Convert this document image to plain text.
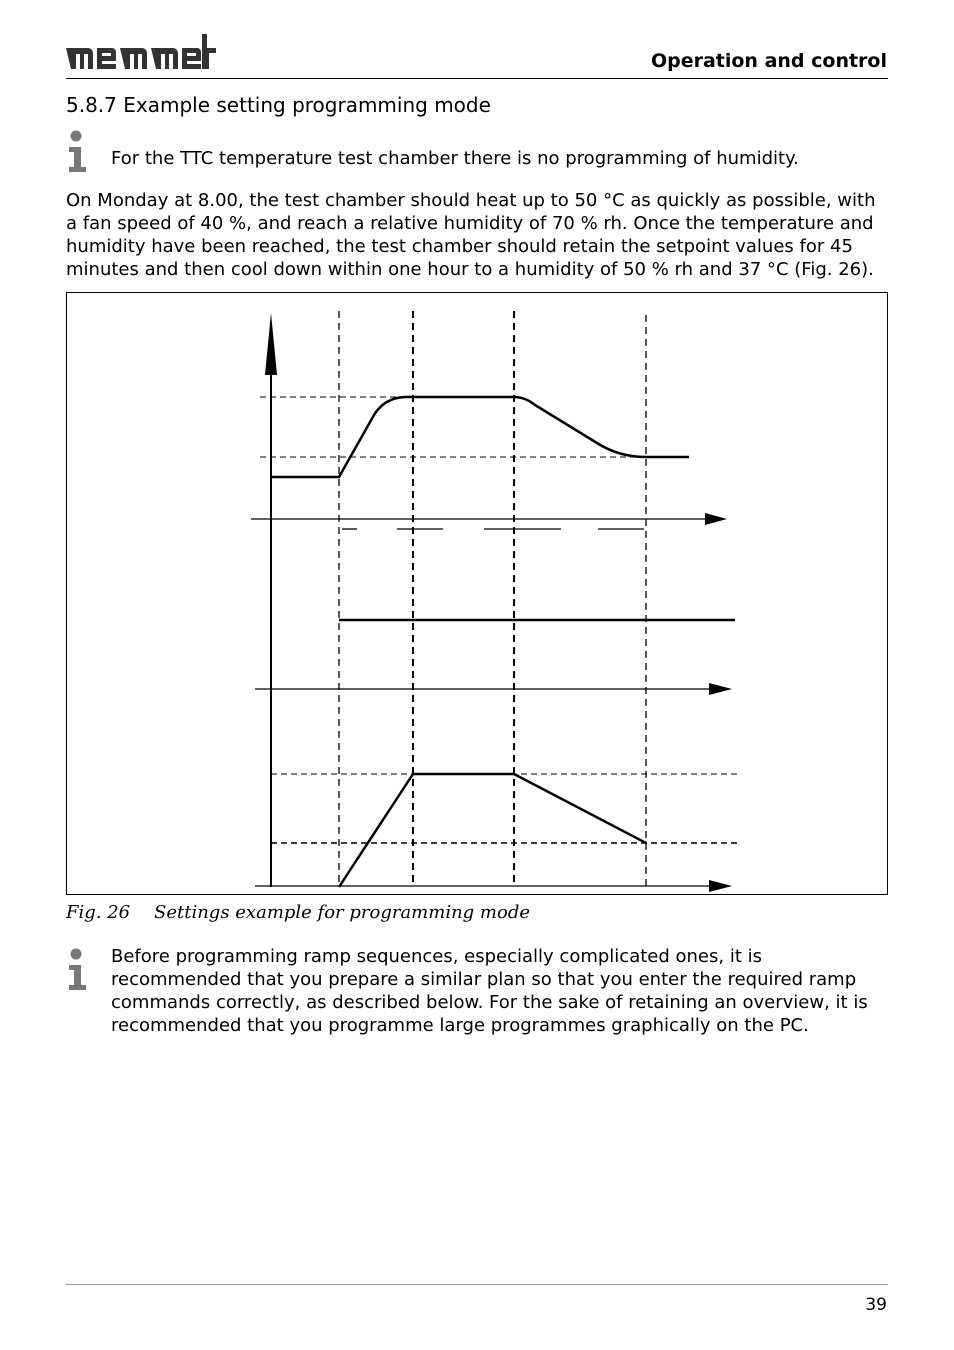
Operation and control
5.8.7 Example setting programming mode
For the TTC temperature test chamber there is no programming of humidity.
On Monday at 8.00, the test chamber should heat up to 50 °C as quickly as possible, with a fan speed of 40 %, and reach a relative humidity of 70 % rh. Once the temperature and humidity have been reached, the test chamber should retain the setpoint values for 45 minutes and then cool down within one hour to a humidity of 50 % rh and 37 °C (Fig. 26).
Fig. 26 Settings example for programming mode
Before programming ramp sequences, especially complicated ones, it is recommended that you prepare a similar plan so that you enter the required ramp commands correctly, as described below. For the sake of retaining an overview, it is recommended that you programme large programmes graphically on the PC.
39
